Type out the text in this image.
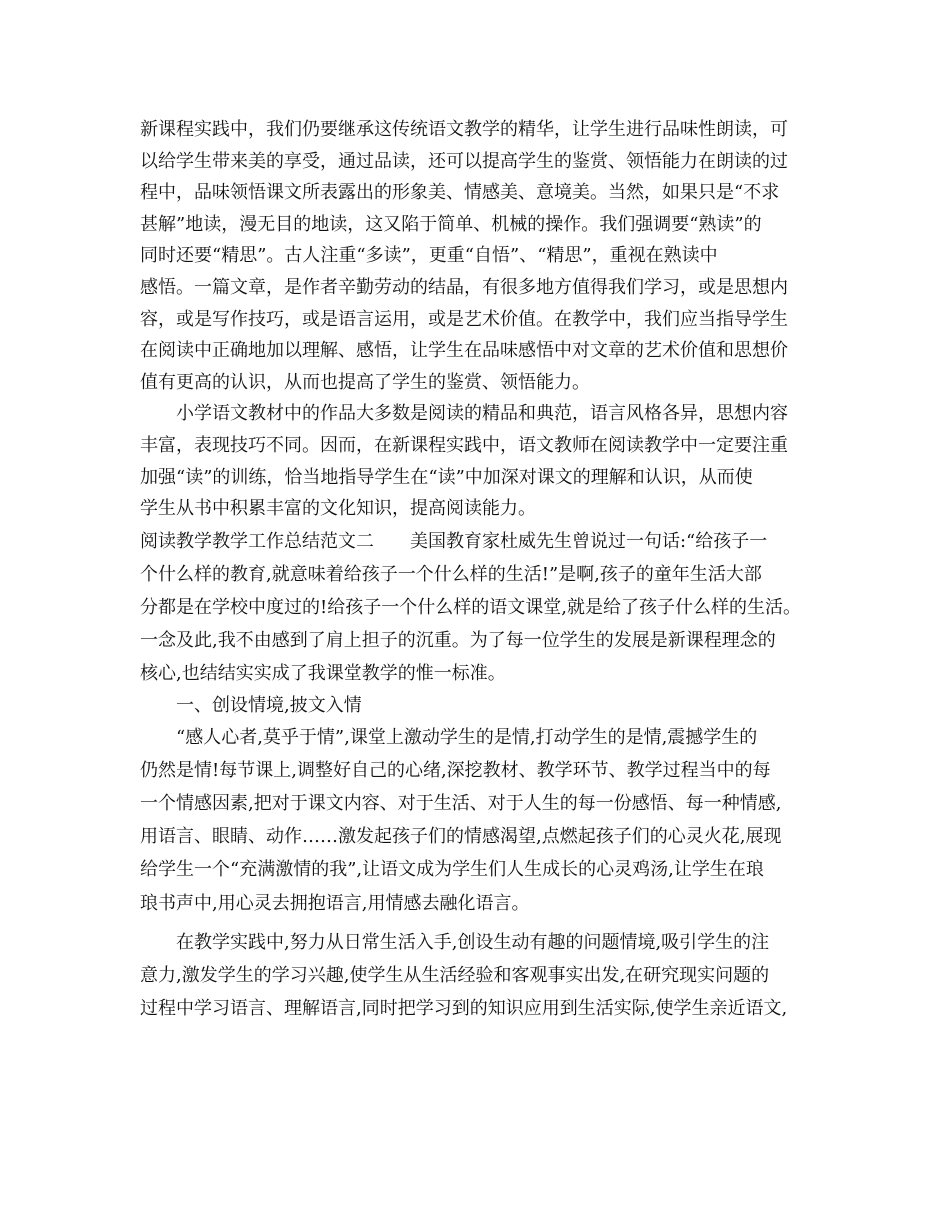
新课程实践中，我们仍要继承这传统语文教学的精华，让学生进行品味性朗读，可
以给学生带来美的享受，通过品读，还可以提高学生的鉴赏、领悟能力在朗读的过
程中，品味领悟课文所表露出的形象美、情感美、意境美。当然，如果只是“不求
甚解”地读，漫无目的地读，这又陷于简单、机械的操作。我们强调要“熟读”的
同时还要“精思”。古人注重“多读”，更重“自悟”、“精思”，重视在熟读中
感悟。一篇文章，是作者辛勤劳动的结晶，有很多地方值得我们学习，或是思想内
容，或是写作技巧，或是语言运用，或是艺术价值。在教学中，我们应当指导学生
在阅读中正确地加以理解、感悟，让学生在品味感悟中对文章的艺术价值和思想价
值有更高的认识，从而也提高了学生的鉴赏、领悟能力。
　　小学语文教材中的作品大多数是阅读的精品和典范，语言风格各异，思想内容
丰富，表现技巧不同。因而，在新课程实践中，语文教师在阅读教学中一定要注重
加强“读”的训练，恰当地指导学生在“读”中加深对课文的理解和认识，从而使
学生从书中积累丰富的文化知识，提高阅读能力。
阅读教学教学工作总结范文二　　美国教育家杜威先生曾说过一句话:“给孩子一
个什么样的教育,就意味着给孩子一个什么样的生活!”是啊,孩子的童年生活大部
分都是在学校中度过的!给孩子一个什么样的语文课堂,就是给了孩子什么样的生活。
一念及此,我不由感到了肩上担子的沉重。为了每一位学生的发展是新课程理念的
核心,也结结实实成了我课堂教学的惟一标准。
　　一、创设情境,披文入情
　　“感人心者,莫乎于情”,课堂上激动学生的是情,打动学生的是情,震撼学生的
仍然是情!每节课上,调整好自己的心绪,深挖教材、教学环节、教学过程当中的每
一个情感因素,把对于课文内容、对于生活、对于人生的每一份感悟、每一种情感,
用语言、眼睛、动作……激发起孩子们的情感渴望,点燃起孩子们的心灵火花,展现
给学生一个“充满激情的我”,让语文成为学生们人生成长的心灵鸡汤,让学生在琅
琅书声中,用心灵去拥抱语言,用情感去融化语言。
　　在教学实践中,努力从日常生活入手,创设生动有趣的问题情境,吸引学生的注
意力,激发学生的学习兴趣,使学生从生活经验和客观事实出发,在研究现实问题的
过程中学习语言、理解语言,同时把学习到的知识应用到生活实际,使学生亲近语文,
